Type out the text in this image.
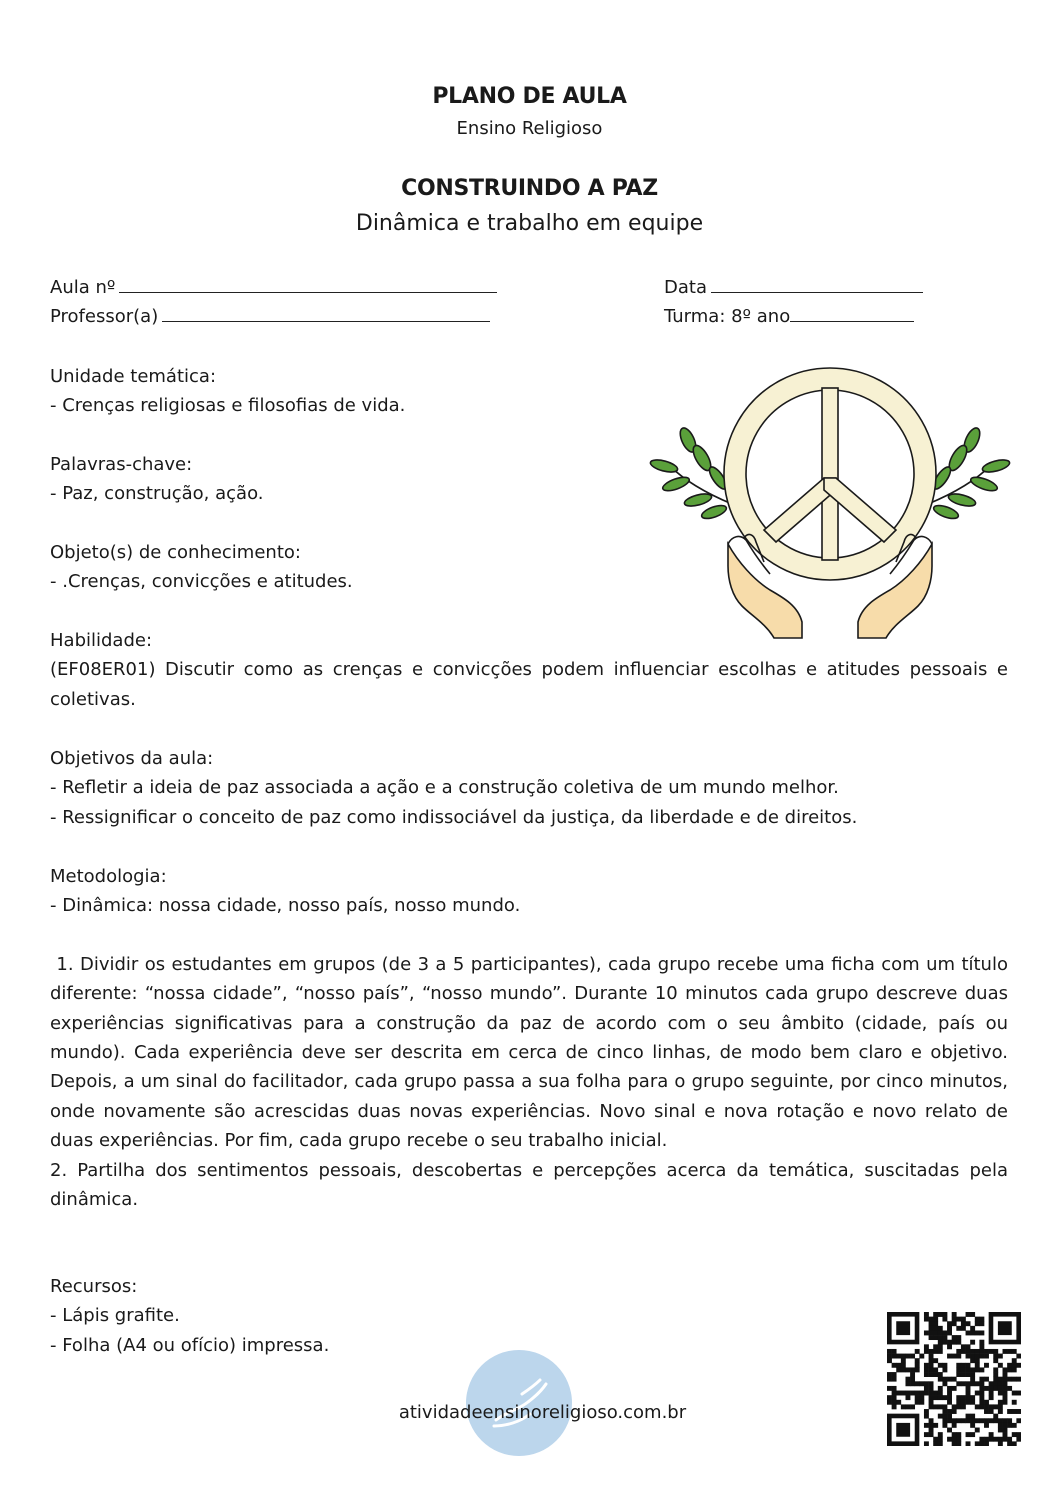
PLANO DE AULA
Ensino Religioso
CONSTRUINDO A PAZ
Dinâmica e trabalho em equipe
Aula nº
Professor(a)
Data
Turma: 8º ano

Unidade temática:

- Crenças religiosas e filosofias de vida.

Palavras-chave:

- Paz, construção, ação.

Objeto(s) de conhecimento:

- .Crenças, convicções e atitudes.

Habilidade:

(EF08ER01) Discutir como as crenças e convicções podem influenciar escolhas e atitudes pessoais e coletivas.

Objetivos da aula:

- Refletir a ideia de paz associada a ação e a construção coletiva de um mundo melhor.

- Ressignificar o conceito de paz como indissociável da justiça, da liberdade e de direitos.

Metodologia:

- Dinâmica: nossa cidade, nosso país, nosso mundo.

1. Dividir os estudantes em grupos (de 3 a 5 participantes), cada grupo recebe uma ficha com um título diferente: “nossa cidade”, “nosso país”, “nosso mundo”. Durante 10 minutos cada grupo descreve duas experiências significativas para a construção da paz de acordo com o seu âmbito (cidade, país ou mundo). Cada experiência deve ser descrita em cerca de cinco linhas, de modo bem claro e objetivo. Depois, a um sinal do facilitador, cada grupo passa a sua folha para o grupo seguinte, por cinco minutos, onde novamente são acrescidas duas novas experiências. Novo sinal e nova rotação e novo relato de duas experiências. Por fim, cada grupo recebe o seu trabalho inicial.

2. Partilha dos sentimentos pessoais, descobertas e percepções acerca da temática, suscitadas pela dinâmica.

Recursos:

- Lápis grafite.

- Folha (A4 ou ofício) impressa.

atividadeensinoreligioso.com.br
